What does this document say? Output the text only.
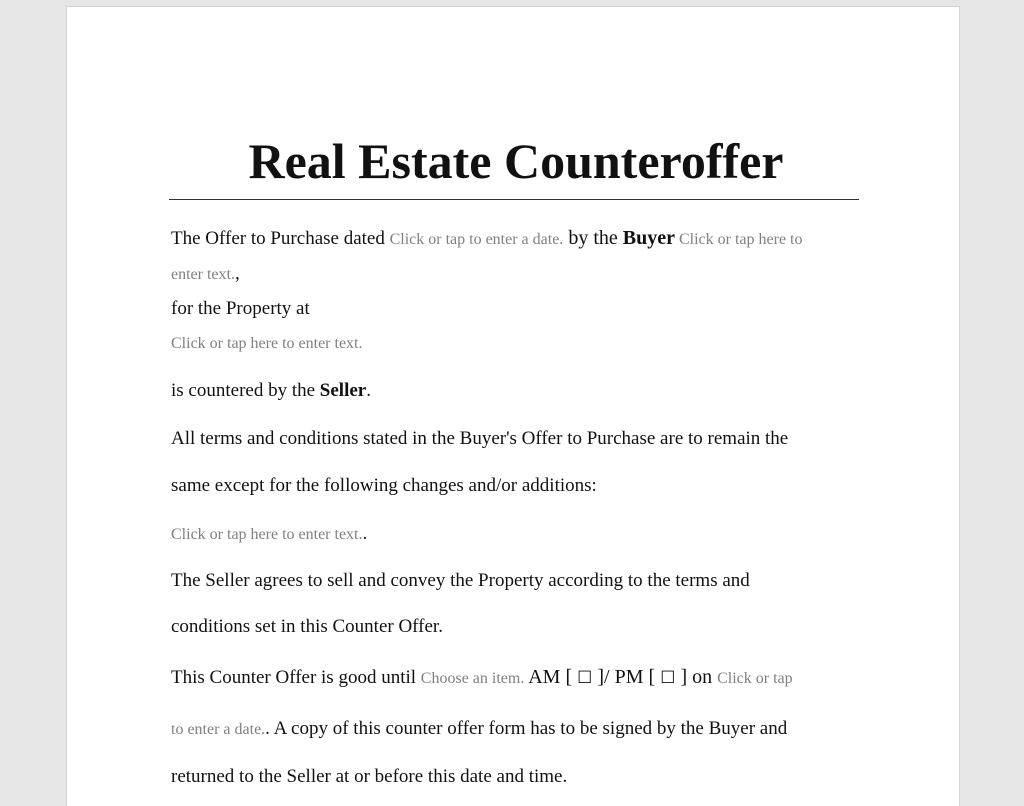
Real Estate Counteroffer
The Offer to Purchase dated Click or tap to enter a date. by the Buyer Click or tap here to
enter text.,
for the Property at
Click or tap here to enter text.
is countered by the Seller.
All terms and conditions stated in the Buyer's Offer to Purchase are to remain the
same except for the following changes and/or additions:
Click or tap here to enter text..
The Seller agrees to sell and convey the Property according to the terms and
conditions set in this Counter Offer.
This Counter Offer is good until Choose an item. AM [ ☐ ]/ PM [ ☐ ] on Click or tap
to enter a date.. A copy of this counter offer form has to be signed by the Buyer and
returned to the Seller at or before this date and time.
